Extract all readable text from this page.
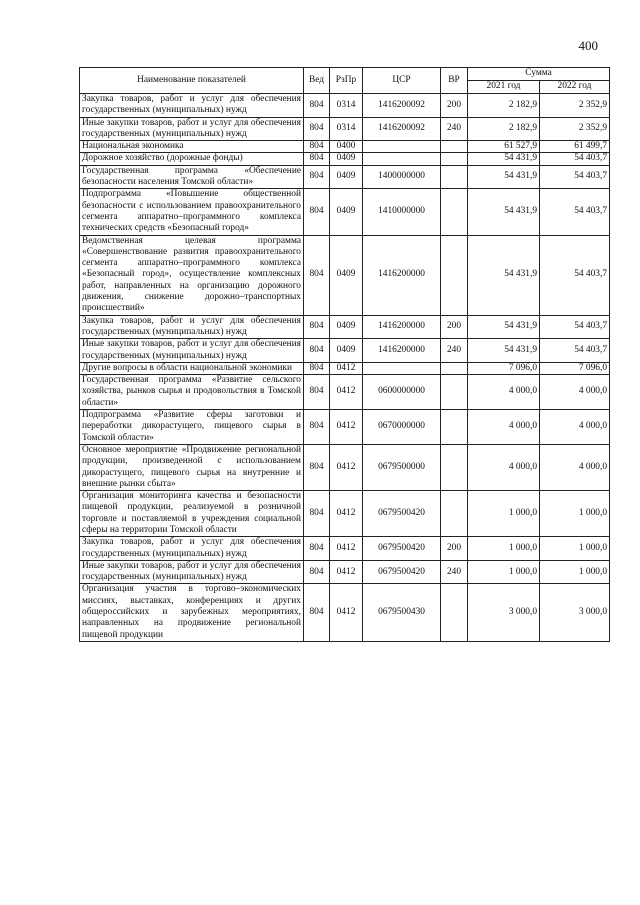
400
Наименование показателей	Вед	РзПр	ЦСР	ВР	Сумма	
					2021 год	2022 год
Закупка товаров, работ и услуг для обеспечения государственных (муниципальных) нужд	804	0314	1416200092	200	2 182,9	2 352,9
Иные закупки товаров, работ и услуг для обеспечения государственных (муниципальных) нужд	804	0314	1416200092	240	2 182,9	2 352,9
Национальная экономика	804	0400			61 527,9	61 499,7
Дорожное хозяйство (дорожные фонды)	804	0409			54 431,9	54 403,7
Государственная программа «Обеспечение безопасности населения Томской области»	804	0409	1400000000		54 431,9	54 403,7
Подпрограмма «Повышение общественной безопасности с использованием правоохранительного сегмента аппаратно–программного комплекса технических средств «Безопасный город»	804	0409	1410000000		54 431,9	54 403,7
Ведомственная целевая программа «Совершенствование развития правоохранительного сегмента аппаратно–программного комплекса «Безопасный город», осуществление комплексных работ, направленных на организацию дорожного движения, снижение дорожно–транспортных происшествий»	804	0409	1416200000		54 431,9	54 403,7
Закупка товаров, работ и услуг для обеспечения государственных (муниципальных) нужд	804	0409	1416200000	200	54 431,9	54 403,7
Иные закупки товаров, работ и услуг для обеспечения государственных (муниципальных) нужд	804	0409	1416200000	240	54 431,9	54 403,7
Другие вопросы в области национальной экономики	804	0412			7 096,0	7 096,0
Государственная программа «Развитие сельского хозяйства, рынков сырья и продовольствия в Томской области»	804	0412	0600000000		4 000,0	4 000,0
Подпрограмма «Развитие сферы заготовки и переработки дикорастущего, пищевого сырья в Томской области»	804	0412	0670000000		4 000,0	4 000,0
Основное мероприятие «Продвижение региональной продукции, произведенной с использованием дикорастущего, пищевого сырья на внутренние и внешние рынки сбыта»	804	0412	0679500000		4 000,0	4 000,0
Организация мониторинга качества и безопасности пищевой продукции, реализуемой в розничной торговле и поставляемой в учреждения социальной сферы на территории Томской области	804	0412	0679500420		1 000,0	1 000,0
Закупка товаров, работ и услуг для обеспечения государственных (муниципальных) нужд	804	0412	0679500420	200	1 000,0	1 000,0
Иные закупки товаров, работ и услуг для обеспечения государственных (муниципальных) нужд	804	0412	0679500420	240	1 000,0	1 000,0
Организация участия в торгово–экономических миссиях, выставках, конференциях и других общероссийских и зарубежных мероприятиях, направленных на продвижение региональной пищевой продукции	804	0412	0679500430		3 000,0	3 000,0
